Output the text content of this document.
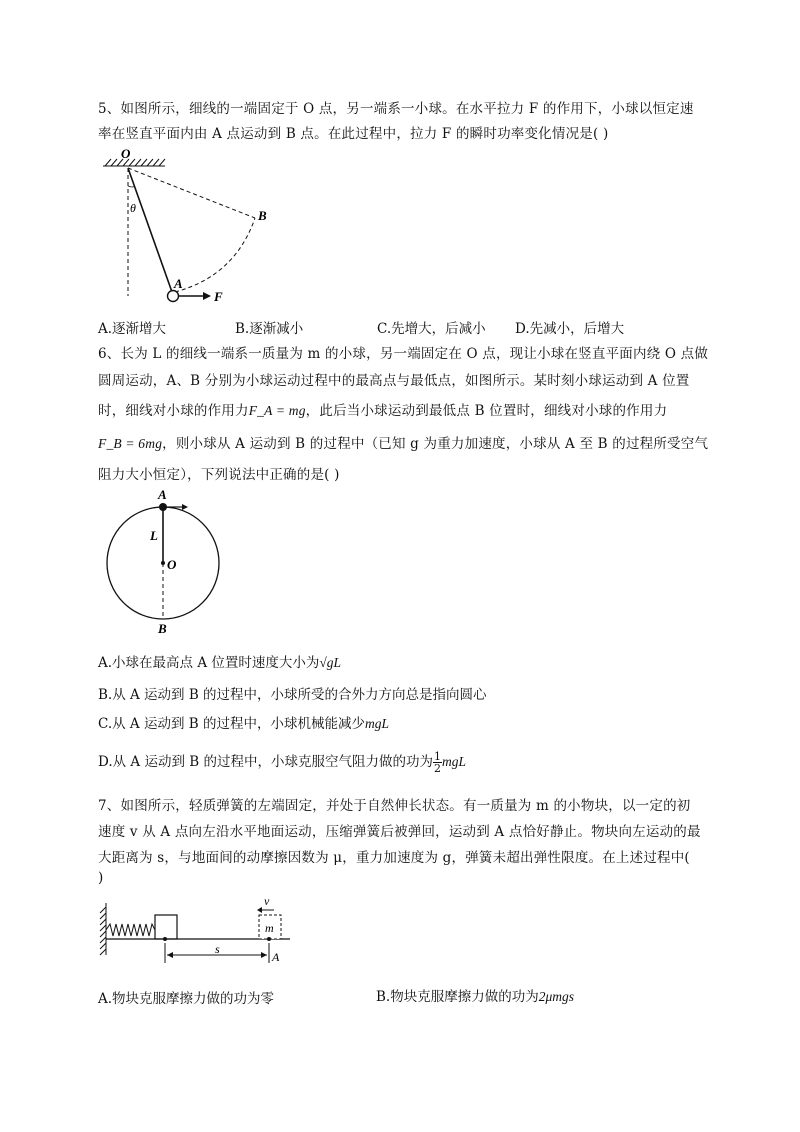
5、如图所示，细线的一端固定于 O 点，另一端系一小球。在水平拉力 F 的作用下，小球以恒定速
率在竖直平面内由 A 点运动到 B 点。在此过程中，拉力 F 的瞬时功率变化情况是( )
O
θ
A
B
F
A.逐渐增大	B.逐渐减小	C.先增大，后减小 D.先减小，后增大
6、长为 L 的细线一端系一质量为 m 的小球，另一端固定在 O 点，现让小球在竖直平面内绕 O 点做
圆周运动，A、B 分别为小球运动过程中的最高点与最低点，如图所示。某时刻小球运动到 A 位置
时，细线对小球的作用力F_A = mg，此后当小球运动到最低点 B 位置时，细线对小球的作用力
F_B = 6mg，则小球从 A 运动到 B 的过程中（已知 g 为重力加速度，小球从 A 至 B 的过程所受空气
阻力大小恒定），下列说法中正确的是( )
A
L
O
B
A.小球在最高点 A 位置时速度大小为√gL
B.从 A 运动到 B 的过程中，小球所受的合外力方向总是指向圆心
C.从 A 运动到 B 的过程中，小球机械能减少mgL
D.从 A 运动到 B 的过程中，小球克服空气阻力做的功为 $\frac{1}{2}$ mgL
7、如图所示，轻质弹簧的左端固定，并处于自然伸长状态。有一质量为 m 的小物块，以一定的初
速度 v 从 A 点向左沿水平地面运动，压缩弹簧后被弹回，运动到 A 点恰好静止。物块向左运动的最
大距离为 s，与地面间的动摩擦因数为 μ，重力加速度为 g，弹簧未超出弹性限度。在上述过程中(
)
v
m
s
A
A.物块克服摩擦力做的功为零	B.物块克服摩擦力做的功为2μmgs
